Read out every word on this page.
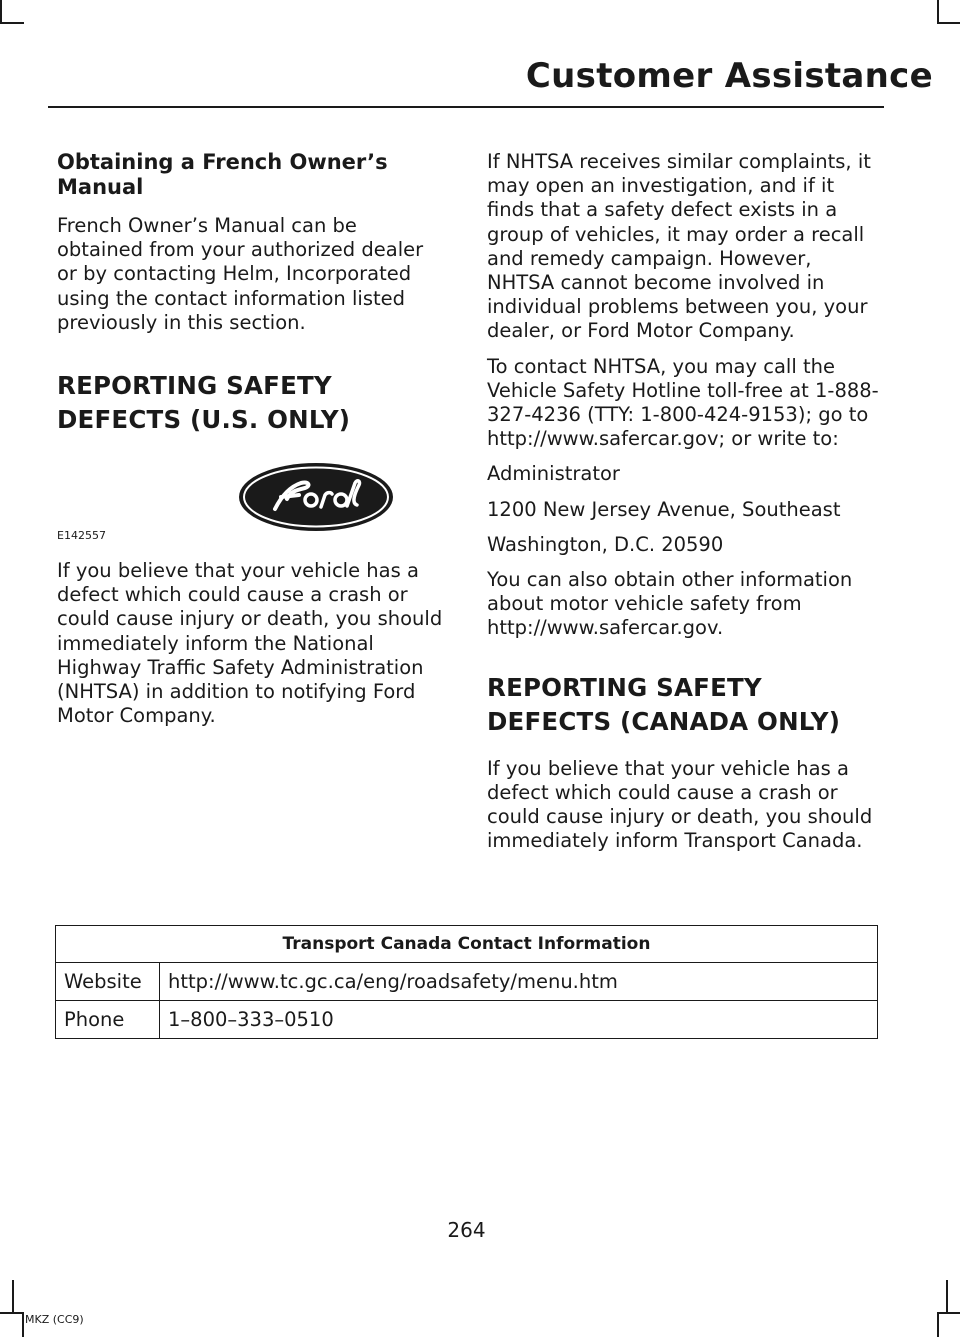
Customer Assistance
Obtaining a French Owner’s Manual

French Owner’s Manual can be obtained from your authorized dealer or by contacting Helm, Incorporated using the contact information listed previously in this section.

REPORTING SAFETY
DEFECTS (U.S. ONLY)
E142557

If you believe that your vehicle has a defect which could cause a crash or could cause injury or death, you should immediately inform the National Highway Traffic Safety Administration (NHTSA) in addition to notifying Ford Motor Company.

If NHTSA receives similar complaints, it may open an investigation, and if it finds that a safety defect exists in a group of vehicles, it may order a recall and remedy campaign. However, NHTSA cannot become involved in individual problems between you, your dealer, or Ford Motor Company.

To contact NHTSA, you may call the Vehicle Safety Hotline toll-free at 1-888-327-4236 (TTY: 1-800-424-9153); go to http://www.safercar.gov; or write to:

Administrator

1200 New Jersey Avenue, Southeast

Washington, D.C. 20590

You can also obtain other information about motor vehicle safety from http://www.safercar.gov.

REPORTING SAFETY
DEFECTS (CANADA ONLY)

If you believe that your vehicle has a defect which could cause a crash or could cause injury or death, you should immediately inform Transport Canada.

Transport Canada Contact Information	
Website	http://www.tc.gc.ca/eng/roadsafety/menu.htm
Phone	1–800–333–0510
264
MKZ (CC9)
